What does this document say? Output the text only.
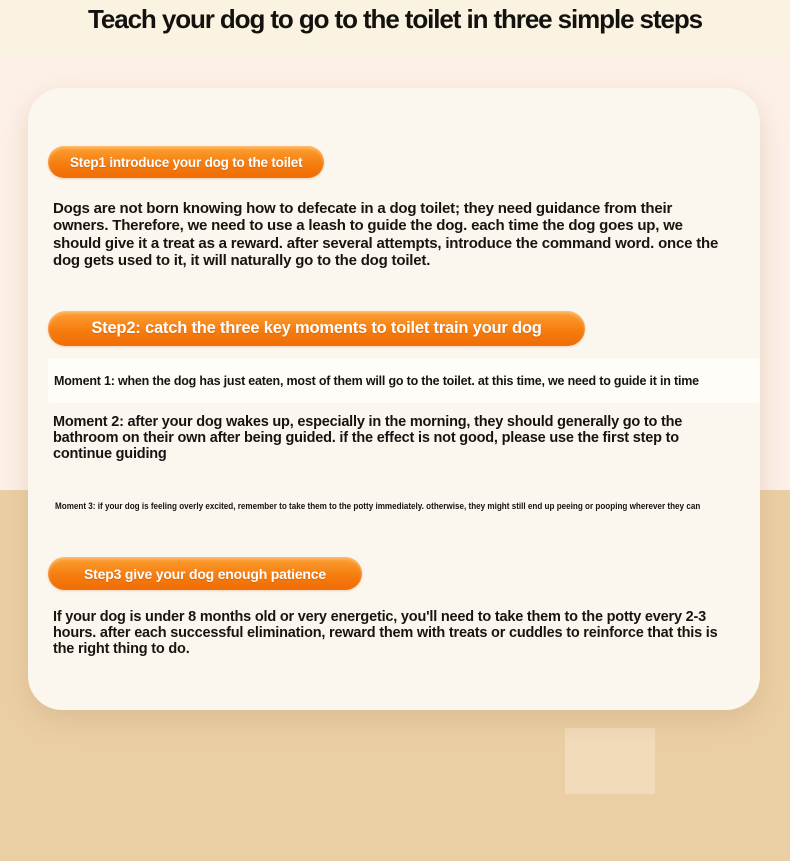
Teach your dog to go to the toilet in three simple steps
Step1 introduce your dog to the toilet

Dogs are not born knowing how to defecate in a dog toilet; they need guidance from their owners. Therefore, we need to use a leash to guide the dog. each time the dog goes up, we should give it a treat as a reward. after several attempts, introduce the command word. once the dog gets used to it, it will naturally go to the dog toilet.

Step2: catch the three key moments to toilet train your dog
Moment 1: when the dog has just eaten, most of them will go to the toilet. at this time, we need to guide it in time

Moment 2: after your dog wakes up, especially in the morning, they should generally go to the bathroom on their own after being guided. if the effect is not good, please use the first step to continue guiding

Moment 3: if your dog is feeling overly excited, remember to take them to the potty immediately. otherwise, they might still end up peeing or pooping wherever they can

Step3 give your dog enough patience

If your dog is under 8 months old or very energetic, you'll need to take them to the potty every 2-3 hours. after each successful elimination, reward them with treats or cuddles to reinforce that this is the right thing to do.
